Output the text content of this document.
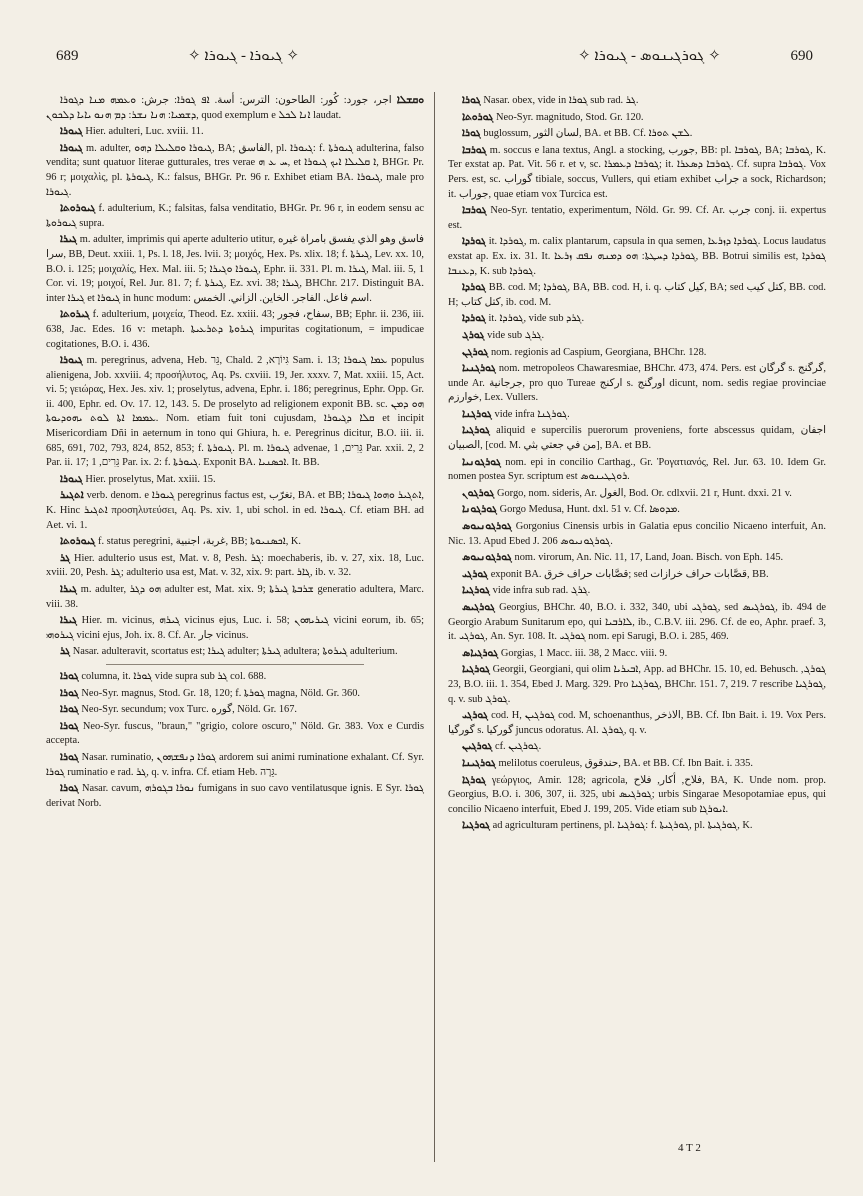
689	✧ ܓܝܘܪܐ - ܓܝܘܪܐ ✧	✧ ܓܘܪܓܝܢܘܣ - ܓܝܘܪܐ ✧	690

ܘܩܫܠܐ اجر، جورد: كُور: الطاحون: الترس: أسة. ܐܦ ܓܘܪܐ: جرش: ܘܥܡܗ ܡܢܐ ܕܓܘܪܐ ܕܫܡܝܐ: ܗܢܐ ܢܫܪ: ܕܡ ܗܢܘ ܝܐܝܐ ܕܠܟܘܢ, quod exemplum e ܐܢܐ ܠܟܠ laudat.

ܓܝܘܪܐ Hier. adulteri, Luc. xviii. 11.

ܓܝܘܪܐ m. adulter, ܓܝܘܪܐ ܘܩܠܝܠܐ ܕܗܘ, BA; الفاسق, pl. ܓܝܘܪܐ: f. ܓܝܘܪܬܐ adulterina, falso vendita; sunt quatuor literae gutturales, tres verae ܚ ܥ ܗ, et ܐ ܩܠܝܠܐ ܐܝܟ ܓܝܘܪܐ, BHGr. Pr. 96 r; μοιχαλὶς, pl. ܓܝܘܪܬܐ, K.: falsus, BHGr. Pr. 96 r. Exhibet etiam BA. ܓܝܘܪܐ, male pro ܓܝܘܪܐ.

ܓܝܘܪܘܬܐ f. adulterium, K.; falsitas, falsa venditatio, BHGr. Pr. 96 r, in eodem sensu ac ܓܝܘܪܘܬܐ supra.

ܓܝܪܐ m. adulter, imprimis qui aperte adulterio utitur, فاسق وهو الذي يفسق بامراة غيره سرا, BB, Deut. xxiii. 1, Ps. l. 18, Jes. lvii. 3; μοιχός, Hex. Ps. xlix. 18; f. ܓܝܪܬܐ, Lev. xx. 10, B.O. i. 125; μοιχαλίς, Hex. Mal. iii. 5; ܓܝܘܪܐ ܘܓܝܪܐ, Ephr. ii. 331. Pl. m. ܓܝܪܐ, Mal. iii. 5, 1 Cor. vi. 19; μοιχοί, Rel. Jur. 81. 7; f. ܓܝܪܬܐ, Ez. xvi. 38; ܓܝܪܐ, BHChr. 217. Distinguit BA. inter ܓܝܪܐ et ܓܝܘܪܐ in hunc modum: اسم فاعل. الفاجر. الخاين. الزاني. الخمس.

ܓܝܪܘܬܐ f. adulterium, μοιχεία, Theod. Ez. xxiii. 43; سفاح، فجور, BB; Ephr. ii. 236, iii. 638, Jac. Edes. 16 v: metaph. ܓܝܪܘܬܐ ܕܬܪܥܝܬܐ impuritas cogitationum, = impudicae cogitationes, B.O. i. 436.

ܓܝܘܪܐ m. peregrinus, advena, Heb. גֵּר, Chald. גִּיוֹרָא, 2 Sam. i. 13; ܥܡܐ ܓܝܘܪܐ populus alienigena, Job. xxviii. 4; προσήλυτος, Aq. Ps. cxviii. 19, Jer. xxxv. 7, Mat. xxiii. 15, Act. vi. 5; γειώρας, Hex. Jes. xiv. 1; proselytus, advena, Ephr. i. 186; peregrinus, Ephr. Opp. Gr. ii. 400, Ephr. ed. Ov. 17. 12, 143. 5. De proselyto ad religionem exponit BB. sc. ܗܘ ܕܡܢ ܥܡܡܐ ܐܬܐ ܠܘܬ ܝܗܘܕܝܘܬܐ. Nom. etiam fuit toni cujusdam, ܩܠܐ ܕܓܝܘܪܐ et incipit Misericordiam Dñi in aeternum in tono qui Ghiura, h. e. Peregrinus dicitur, B.O. iii. ii. 685, 691, 702, 793, 824, 852, 853; f. ܓܝܘܪܬܐ. Pl. m. ܓܝܘܪܐ advenae, גֵּרִים, 1 Par. xxii. 2, 2 Par. ii. 17; גֵּרִים, 1 Par. ix. 2: f. ܓܝܘܪܬܐ. Exponit BA. ܐܟܣܢܝܐ. It. BB.

ܓܝܘܪܐ Hier. proselytus, Mat. xxiii. 15.

ܐܬܓܝܪ verb. denom. e ܓܝܘܪܐ peregrinus factus est, تغرّب, BA. et BB; ܐܬܓܝܪ ܘܗܘܐ ܓܝܘܪܐ, K. Hinc ܐܬܓܝܪ προσηλυτεύσει, Aq. Ps. xiv. 1, ubi schol. in ed. ܓܝܘܪܐ. Cf. etiam BH. ad Aet. vi. 1.

ܓܝܘܪܘܬܐ f. status peregrini, غربة، اجنبية, BB; ܐܟܣܢܝܘܬܐ, K.

ܓܪ Hier. adulterio usus est, Mat. v. 8, Pesh. ܓܪ: moechaberis, ib. v. 27, xix. 18, Luc. xviii. 20, Pesh. ܓܪ; adulterio usa est, Mat. v. 32, xix. 9: part. ܓܐܪ, ib. v. 32.

ܓܝܪܐ m. adulter, ܗܘ ܕܓܪ adulter est, Mat. xix. 9; ܫܪܒܬܐ ܓܝܪܬܐ generatio adultera, Marc. viii. 38.

ܓܝܪܐ Hier. m. vicinus, ܓܝܪܗ vicinus ejus, Luc. i. 58; ܓܝܪܝܗܘܢ vicini eorum, ib. 65; ܓܝܪܘܗܝ vicini ejus, Joh. ix. 8. Cf. Ar. جار vicinus.

ܓܪ Nasar. adulteravit, scortatus est; ܓܝܪܐ adulter; ܓܝܪܬܐ adultera; ܓܝܪܘܬܐ adulterium.

ܓܘܪܐ columna, it. ܓܘܪܐ vide supra sub ܓܪ col. 688.

ܓܘܪܐ Neo-Syr. magnus, Stod. Gr. 18, 120; f. ܓܘܪܬܐ magna, Nöld. Gr. 360.

ܓܘܪܐ Neo-Syr. secundum; vox Turc. گوره, Nöld. Gr. 167.

ܓܘܪܐ Neo-Syr. fuscus, "braun," "grigio, colore oscuro," Nöld. Gr. 383. Vox e Curdis accepta.

ܓܘܪܐ Nasar. ruminatio, ܓܘܪܐ ܕܢܦܫܗܘܢ ardorem sui animi ruminatione exhalant. Cf. Syr. ܓܘܪܐ ruminatio e rad. ܓܪ, q. v. infra. Cf. etiam Heb. גֵּרָה.

ܓܘܪܐ Nasar. cavum, ܢܘܪܐ ܒܓܘܪܗ fumigans in suo cavo ventilatusque ignis. E Syr. ܓܘܪܐ derivat Norb.

ܓܘܪܐ Nasar. obex, vide in ܓܘܪܐ sub rad. ܓܪ.

ܓܘܪܘܬܐ Neo-Syr. magnitudo, Stod. Gr. 120.

ܓܘܪܐ buglossum, لسان الثور, BA. et BB. Cf. ܠܫܢ ܬܘܪܐ.

ܓܘܪܒܐ m. soccus e lana textus, Angl. a stocking, جورب, BB: pl. ܓܘܪܒܐ, BA; ܓܘܪܒܐ, K. Ter exstat ap. Pat. Vit. 56 r. et v, sc. ܓܘܪܒܐ ܕܥܡܪܐ; it. ܓܘܪܒܐ ܕܣܥܪܐ. Cf. supra ܓܘܪܒܐ. Vox Pers. est, sc. گوراب tibiale, soccus, Vullers, qui etiam exhibet جراب a sock, Richardson; it. جوراب, quae etiam vox Turcica est.

ܓܘܪܒܐ Neo-Syr. tentatio, experimentum, Nöld. Gr. 99. Cf. Ar. جرب conj. ii. expertus est.

ܓܘܪܕܐ it. ܓܘܪܕܐ, m. calix plantarum, capsula in qua semen, ܓܘܪܕܐ ܕܙܪܥܐ. Locus laudatus exstat ap. Ex. ix. 31. It. ܓܘܪܕܐ ܕܚܛܬܐ: ܗܘ ܕܡܢܗ ܢܦܩ ܙܪܥܐ, BB. Botrui similis est, ܓܘܪܕܐ ܕܥܢܒܐ, K. sub ܓܘܪܕܐ.

ܓܘܪܕܐ BB. cod. M; ܓܘܪܕܐ, BA, BB. cod. H, i. q. كيل كتاب, BA; sed كتل كيب, BB. cod. H; كتل كتاب, ib. cod. M.

ܓܘܪܕܐ it. ܓܘܪܕܐ, vide sub ܓܪܕ.

ܓܘܪܓ vide sub ܓܪܓ.

ܓܘܪܓܢ nom. regionis ad Caspium, Georgiana, BHChr. 128.

ܓܘܪܓܢܝܐ nom. metropoleos Chawaresmiae, BHChr. 473, 474. Pers. est گرگان s. گرگنج, unde Ar. جرجانية, pro quo Tureae اركنج s. اورگنج dicunt, nom. sedis regiae provinciae خوارزم, Lex. Vullers.

ܓܘܪܓܢܐ vide infra ܓܘܪܓܢܐ.

ܓܘܪܓܝܐ aliquid e supercilis puerorum proveniens, forte abscessus quidam, اجفان الصبيان, [cod. M. من في جعتي بثي], BA. et BB.

ܓܘܪܓܘܢܝܐ nom. epi in concilio Carthag., Gr. Ῥογατιανός, Rel. Jur. 63. 10. Idem Gr. nomen postea Syr. scriptum est ܪܘܓܛܝܢܘܣ.

ܓܘܪܓܘܢ Gorgo, nom. sideris, Ar. الغول, Bod. Or. cdlxvii. 21 r, Hunt. dxxi. 21 v.

ܓܘܪܓܘܢܐ Gorgo Medusa, Hunt. dxl. 51 v. Cf. ܡܕܘܣܐ.

ܓܘܪܓܘܢܝܘܣ Gorgonius Cinensis urbis in Galatia epus concilio Nicaeno interfuit, An. Nic. 13. Apud Ebed J. 206 ܓܘܪܓܘܢܝܘܣ.

ܓܘܪܓܘܢܝܘܣ nom. virorum, An. Nic. 11, 17, Land, Joan. Bisch. von Eph. 145.

ܓܘܪܓܝ exponit BA. قصَّابات حراف خرق; sed قصَّابات حراف خرازات, BB.

ܓܘܪܓܝܐ vide infra sub rad. ܓܪܓ.

ܓܘܪܓܝܣ Georgius, BHChr. 40, B.O. i. 332, 340, ubi ܓܘܪܓܝ, sed ܓܘܪܓܝܣ, ib. 494 de Georgio Arabum Sunitarum epo, qui ܠܐܪܒܝܐ, ib., C.B.V. iii. 296. Cf. de eo, Aphr. praef. 3, it. ܓܘܪܓܝ, An. Syr. 108. It. ܓܘܪܓܝ nom. epi Sarugi, B.O. i. 285, 469.

ܓܘܪܓܝܐܣ Gorgias, 1 Macc. iii. 38, 2 Macc. viii. 9.

ܓܘܪܓܝܐ Georgii, Georgiani, qui olim ܐܒܝܪܝܐ, App. ad BHChr. 15. 10, ed. Behusch. ܓܘܪܓ, 23, B.O. iii. 1. 354, Ebed J. Marg. 329. Pro ܓܘܪܓܝܐ, BHChr. 151. 7, 219. 7 rescribe ܓܘܪܓܝܐ, q. v. sub ܓܘܪܓ.

ܓܘܪܓܝ cod. H, ܓܘܪܓܝܢ cod. M, schoenanthus, الاذخر, BB. Cf. Ibn Bait. i. 19. Vox Pers. گورگیا s. گورکیا juncus odoratus. Al. ܓܘܪܓ, q. v.

ܓܘܪܓܝܢ cf. ܓܘܪܓܝܢ.

ܓܘܪܓܝܢܐ melilotus coeruleus, حندقوق, BA. et BB. Cf. Ibn Bait. i. 335.

ܓܘܪܓܐ γεώργιος, Amir. 128; agricola, فلاح, أكار, فلاح, BA, K. Unde nom. prop. Georgius, B.O. i. 306, 307, ii. 325, ubi ܓܘܪܓܝܣ; urbis Singarae Mesopotamiae epus, qui concilio Nicaeno interfuit, Ebed J. 199, 205. Vide etiam sub ܐܝܘܪܓܐ.

ܓܘܪܓܝܐ ad agriculturam pertinens, pl. ܓܘܪܓܝܐ: f. ܓܘܪܓܝܬܐ, pl. ܓܘܪܓܝܬܐ, K.

4 T 2
